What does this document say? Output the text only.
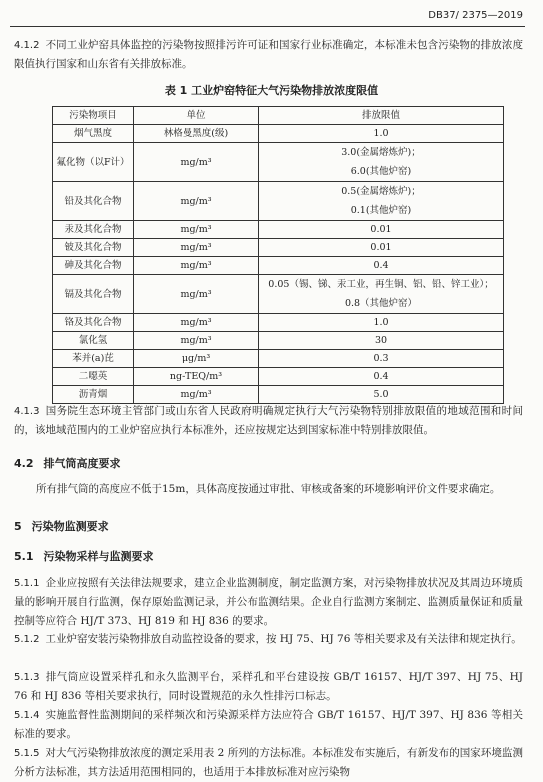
DB37/ 2375—2019
4.1.2 不同工业炉窑具体监控的污染物按照排污许可证和国家行业标准确定，本标准未包含污染物的排放浓度限值执行国家和山东省有关排放标准。
表 1 工业炉窑特征大气污染物排放浓度限值
污染物项目	单位	排放限值
烟气黑度	林格曼黑度(级)	1.0

氟化物（以F计）	mg/m³	3.0(金属熔炼炉)；
6.0(其他炉窑)

铅及其化合物	mg/m³	0.5(金属熔炼炉)；
0.1(其他炉窑)

汞及其化合物	mg/m³	0.01

铍及其化合物	mg/m³	0.01

砷及其化合物	mg/m³	0.4

镉及其化合物	mg/m³	0.05（锡、锑、汞工业，再生铜、铝、铅、锌工业）；
0.8（其他炉窑）

铬及其化合物	mg/m³	1.0

氯化氢	mg/m³	30

苯并(a)芘	μg/m³	0.3

二噁英	ng-TEQ/m³	0.4

沥青烟	mg/m³	5.0
4.1.3 国务院生态环境主管部门或山东省人民政府明确规定执行大气污染物特别排放限值的地域范围和时间的，该地域范围内的工业炉窑应执行本标准外，还应按规定达到国家标准中特别排放限值。
4.2 排气筒高度要求
所有排气筒的高度应不低于15m，具体高度按通过审批、审核或备案的环境影响评价文件要求确定。
5 污染物监测要求
5.1 污染物采样与监测要求
5.1.1 企业应按照有关法律法规要求，建立企业监测制度，制定监测方案，对污染物排放状况及其周边环境质量的影响开展自行监测，保存原始监测记录，并公布监测结果。企业自行监测方案制定、监测质量保证和质量控制等应符合 HJ/T 373、HJ 819 和 HJ 836 的要求。
5.1.2 工业炉窑安装污染物排放自动监控设备的要求，按 HJ 75、HJ 76 等相关要求及有关法律和规定执行。
5.1.3 排气筒应设置采样孔和永久监测平台，采样孔和平台建设按 GB/T 16157、HJ/T 397、HJ 75、HJ 76 和 HJ 836 等相关要求执行，同时设置规范的永久性排污口标志。
5.1.4 实施监督性监测期间的采样频次和污染源采样方法应符合 GB/T 16157、HJ/T 397、HJ 836 等相关标准的要求。
5.1.5 对大气污染物排放浓度的测定采用表 2 所列的方法标准。本标准发布实施后，有新发布的国家环境监测分析方法标准，其方法适用范围相同的，也适用于本排放标准对应污染物
